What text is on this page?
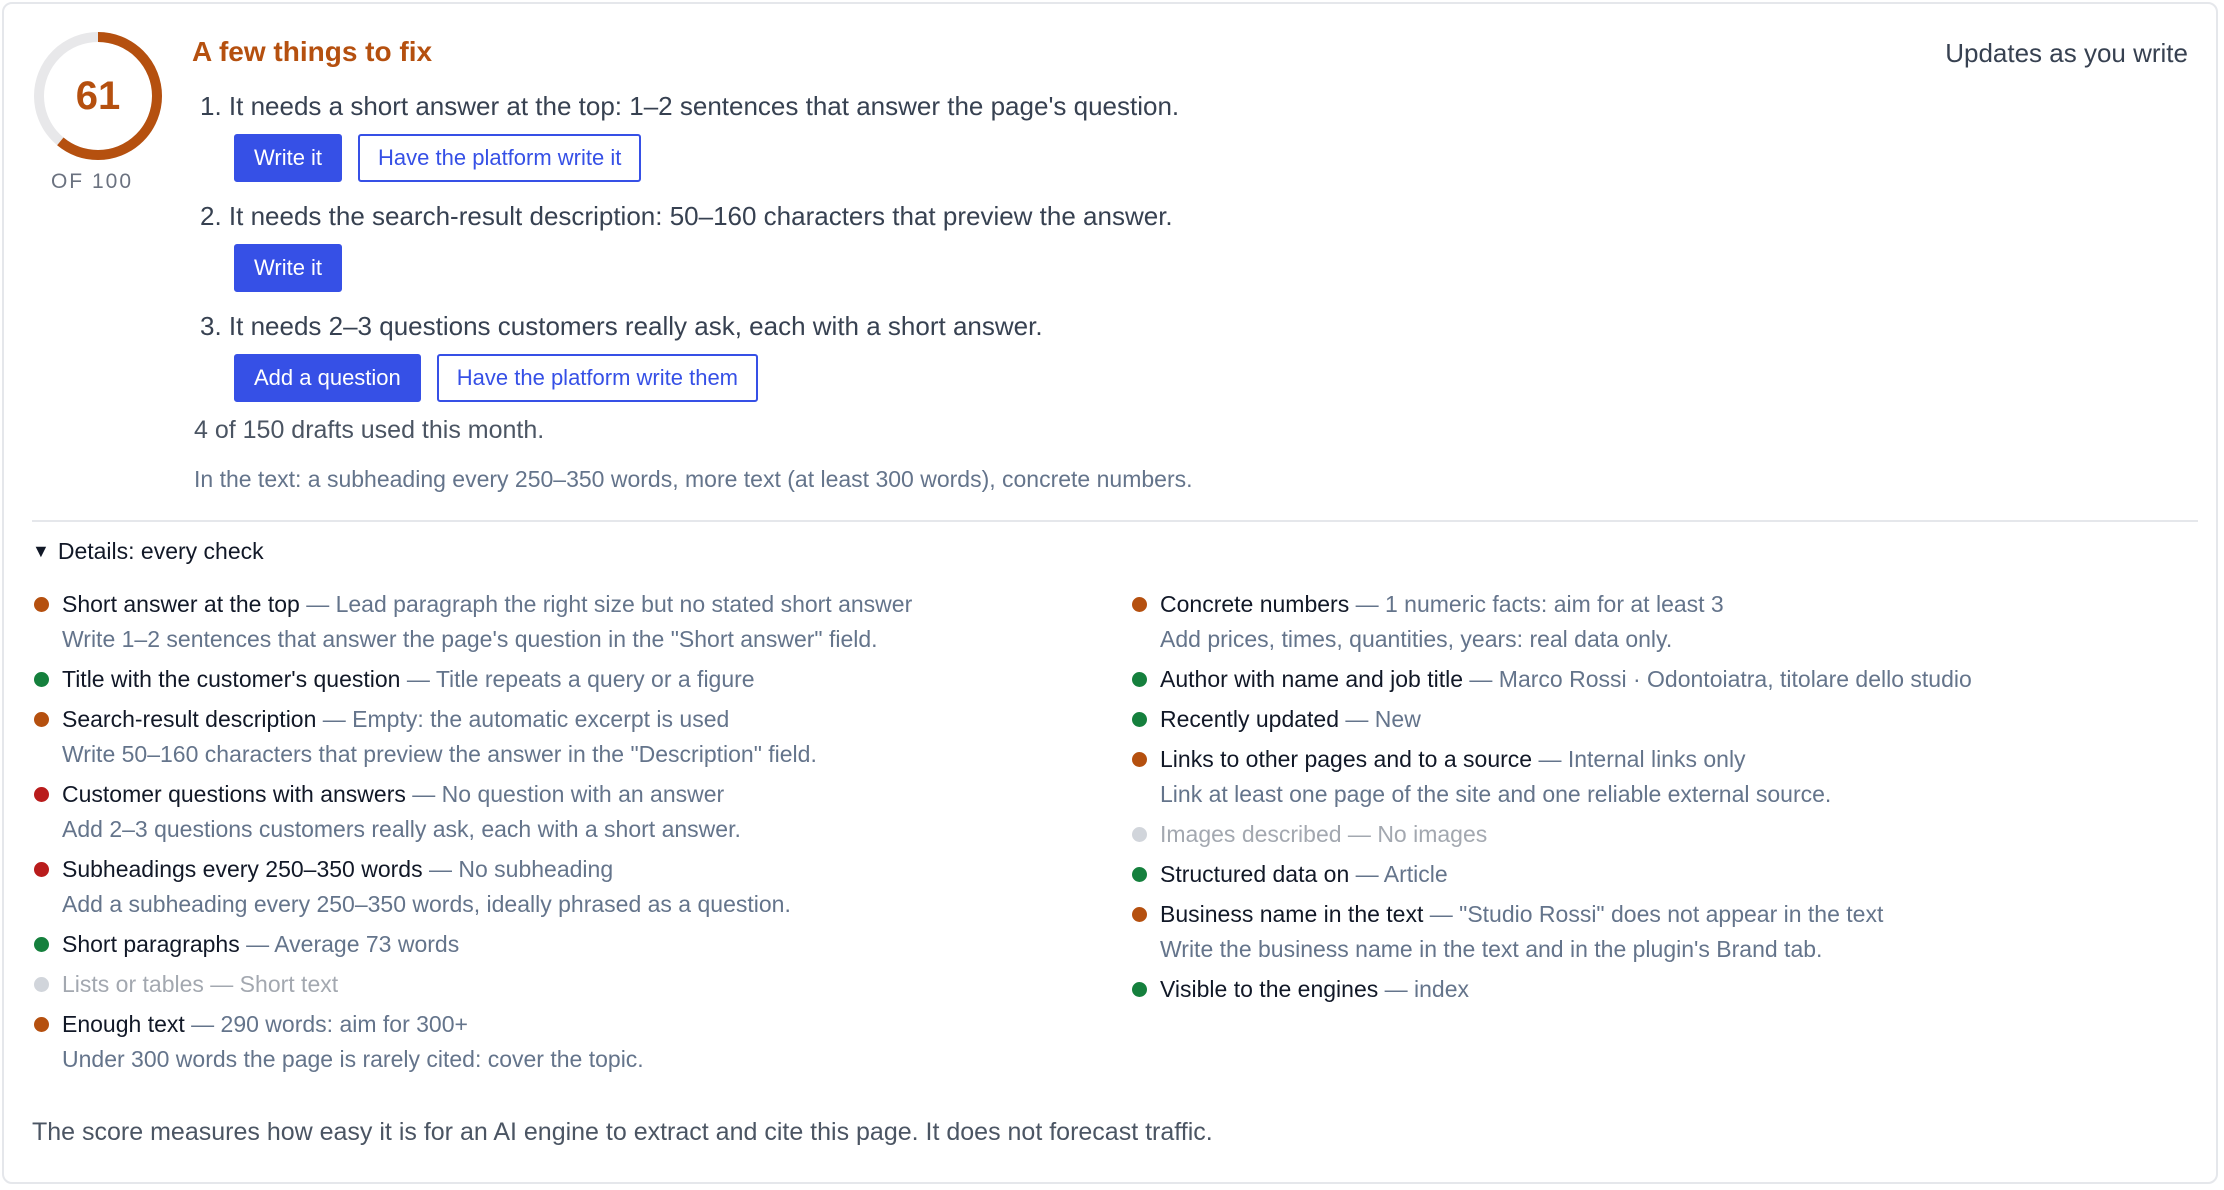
61
OF 100
A few things to fix	Updates as you write
1. It needs a short answer at the top: 1–2 sentences that answer the page's question.
Write it	Have the platform write it
2. It needs the search-result description: 50–160 characters that preview the answer.
Write it
3. It needs 2–3 questions customers really ask, each with a short answer.
Add a question	Have the platform write them
4 of 150 drafts used this month.
In the text: a subheading every 250–350 words, more text (at least 300 words), concrete numbers.
▼ Details: every check
Short answer at the top — Lead paragraph the right size but no stated short answer
Write 1–2 sentences that answer the page's question in the "Short answer" field.
Title with the customer's question — Title repeats a query or a figure
Search-result description — Empty: the automatic excerpt is used
Write 50–160 characters that preview the answer in the "Description" field.
Customer questions with answers — No question with an answer
Add 2–3 questions customers really ask, each with a short answer.
Subheadings every 250–350 words — No subheading
Add a subheading every 250–350 words, ideally phrased as a question.
Short paragraphs — Average 73 words
Lists or tables — Short text
Enough text — 290 words: aim for 300+
Under 300 words the page is rarely cited: cover the topic.
Concrete numbers — 1 numeric facts: aim for at least 3
Add prices, times, quantities, years: real data only.
Author with name and job title — Marco Rossi · Odontoiatra, titolare dello studio
Recently updated — New
Links to other pages and to a source — Internal links only
Link at least one page of the site and one reliable external source.
Images described — No images
Structured data on — Article
Business name in the text — "Studio Rossi" does not appear in the text
Write the business name in the text and in the plugin's Brand tab.
Visible to the engines — index
The score measures how easy it is for an AI engine to extract and cite this page. It does not forecast traffic.
